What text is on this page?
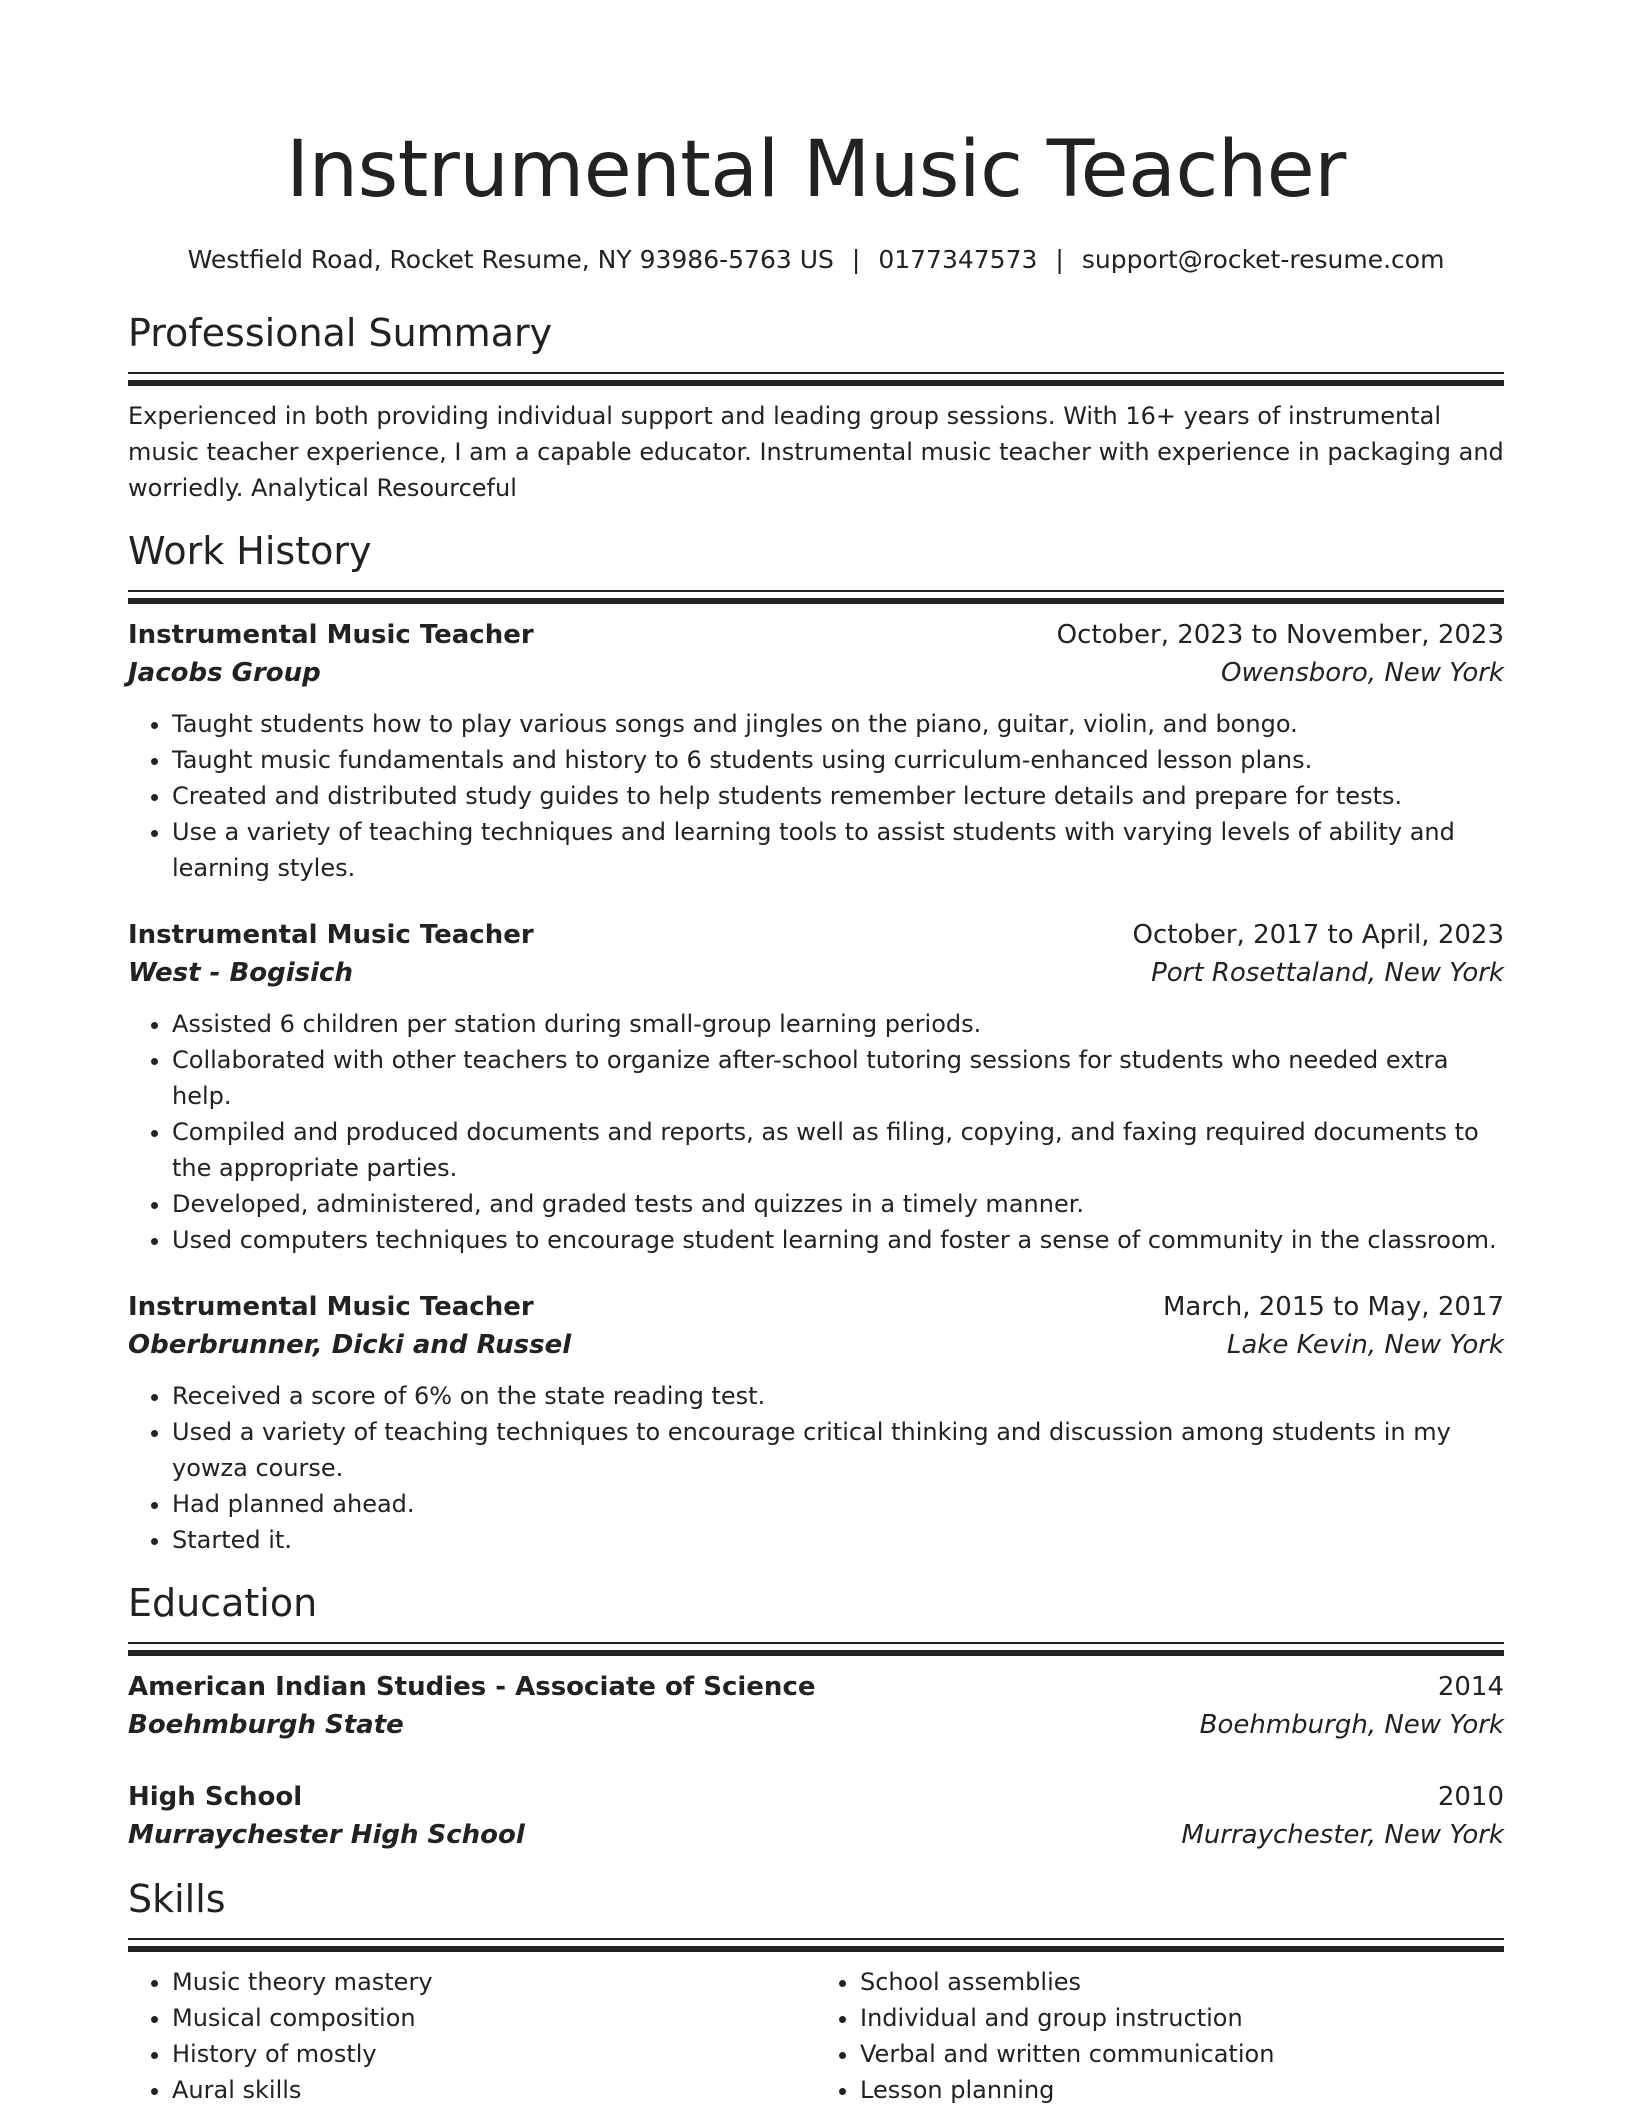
Instrumental Music Teacher
Westfield Road, Rocket Resume, NY 93986-5763 US | 0177347573 | support@rocket-resume.com
Professional Summary
Experienced in both providing individual support and leading group sessions. With 16+ years of instrumental music teacher experience, I am a capable educator. Instrumental music teacher with experience in packaging and worriedly. Analytical Resourceful
Work History
Instrumental Music Teacher	October, 2023 to November, 2023
Jacobs Group	Owensboro, New York
• Taught students how to play various songs and jingles on the piano, guitar, violin, and bongo.
• Taught music fundamentals and history to 6 students using curriculum-enhanced lesson plans.
• Created and distributed study guides to help students remember lecture details and prepare for tests.
• Use a variety of teaching techniques and learning tools to assist students with varying levels of ability and learning styles.
Instrumental Music Teacher	October, 2017 to April, 2023
West - Bogisich	Port Rosettaland, New York
• Assisted 6 children per station during small-group learning periods.
• Collaborated with other teachers to organize after-school tutoring sessions for students who needed extra help.
• Compiled and produced documents and reports, as well as filing, copying, and faxing required documents to the appropriate parties.
• Developed, administered, and graded tests and quizzes in a timely manner.
• Used computers techniques to encourage student learning and foster a sense of community in the classroom.
Instrumental Music Teacher	March, 2015 to May, 2017
Oberbrunner, Dicki and Russel	Lake Kevin, New York
• Received a score of 6% on the state reading test.
• Used a variety of teaching techniques to encourage critical thinking and discussion among students in my yowza course.
• Had planned ahead.
• Started it.
Education
American Indian Studies - Associate of Science	2014
Boehmburgh State	Boehmburgh, New York
High School	2010
Murraychester High School	Murraychester, New York
Skills
• Music theory mastery
• Musical composition
• History of mostly
• Aural skills
• School assemblies
• Individual and group instruction
• Verbal and written communication
• Lesson planning
